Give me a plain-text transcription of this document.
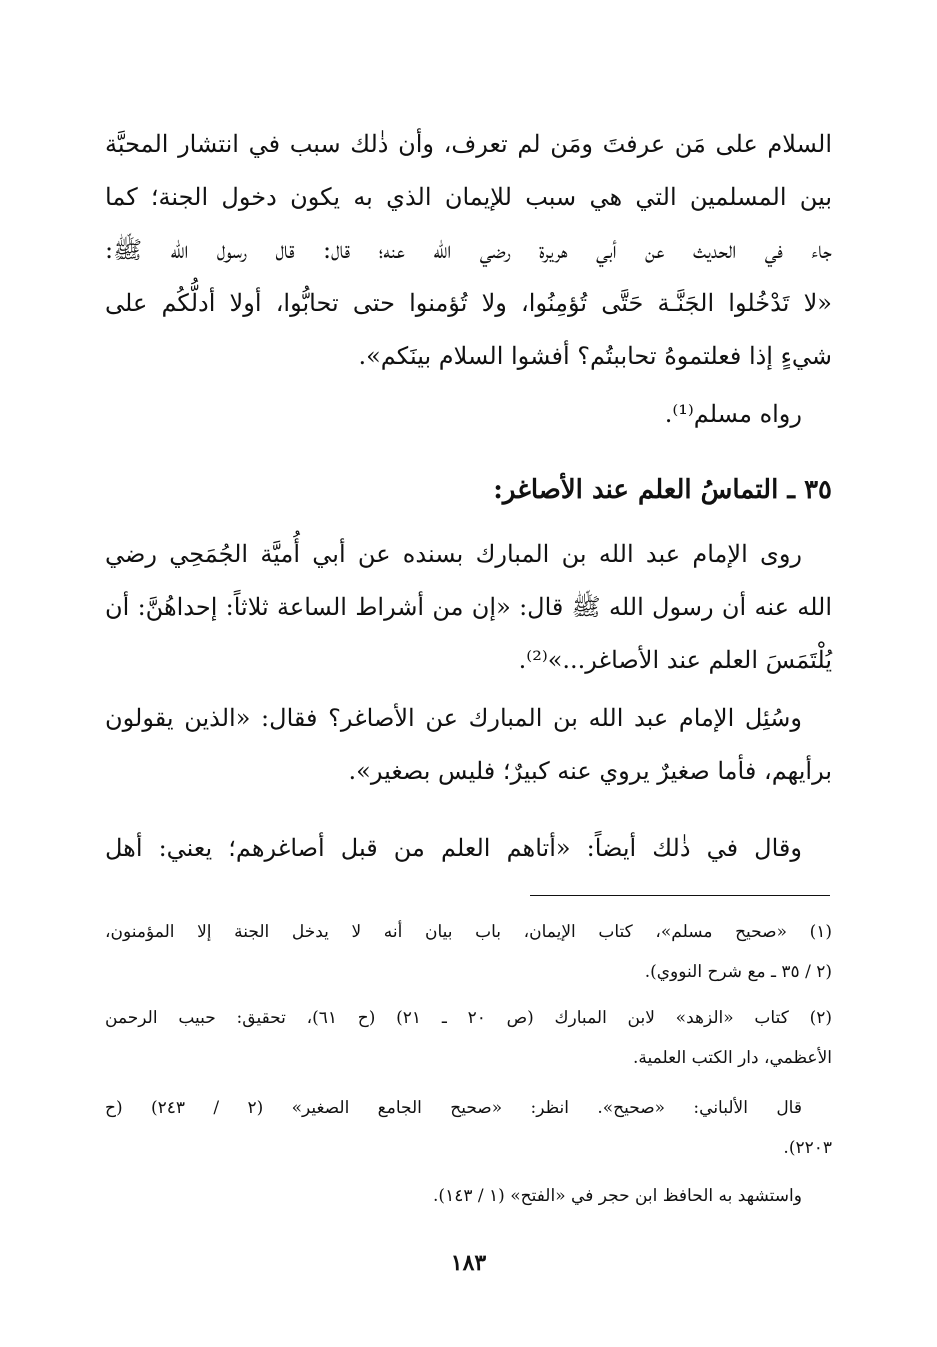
السلام على مَن عرفتَ ومَن لم تعرف، وأن ذٰلك سبب في انتشار المحبَّة
بين المسلمين التي هي سبب للإيمان الذي به يكون دخول الجنة؛ كما
جاء في الحديث عن أبي هريرة رضي الله عنه؛ قال: قال رسول الله ﷺ:
«لا تَدْخُلوا الجَنَّـة حَتَّى تُؤمِنُوا، ولا تُؤمنوا حتى تحابُّوا، أولا أدلُّكُم على
شيءٍ إذا فعلتموهُ تحاببتُم؟ أفشوا السلام بينَكم».
رواه مسلم⁽¹⁾.
٣٥ ـ التماسُ العلم عند الأصاغر:
روى الإمام عبد الله بن المبارك بسنده عن أبي أُميَّة الجُمَحِي رضي
الله عنه أن رسول الله ﷺ قال: «إن من أشراط الساعة ثلاثاً: إحداهُنَّ: أن
يُلْتَمَسَ العلم عند الأصاغر...»⁽²⁾.
وسُئِل الإمام عبد الله بن المبارك عن الأصاغر؟ فقال: «الذين يقولون
برأيهم، فأما صغيرٌ يروي عنه كبيرٌ؛ فليس بصغير».
وقال في ذٰلك أيضاً: «أتاهم العلم من قبل أصاغرهم؛ يعني: أهل
(١) «صحيح مسلم»، كتاب الإيمان، باب بيان أنه لا يدخل الجنة إلا المؤمنون،
(٢ / ٣٥ ـ مع شرح النووي).
(٢) كتاب «الزهد» لابن المبارك (ص ٢٠ ـ ٢١) (ح ٦١)، تحقيق: حبيب الرحمن
الأعظمي، دار الكتب العلمية.
قال الألباني: «صحيح». انظر: «صحيح الجامع الصغير» (٢ / ٢٤٣) (ح
٢٢٠٣).
واستشهد به الحافظ ابن حجر في «الفتح» (١ / ١٤٣).
١٨٣
